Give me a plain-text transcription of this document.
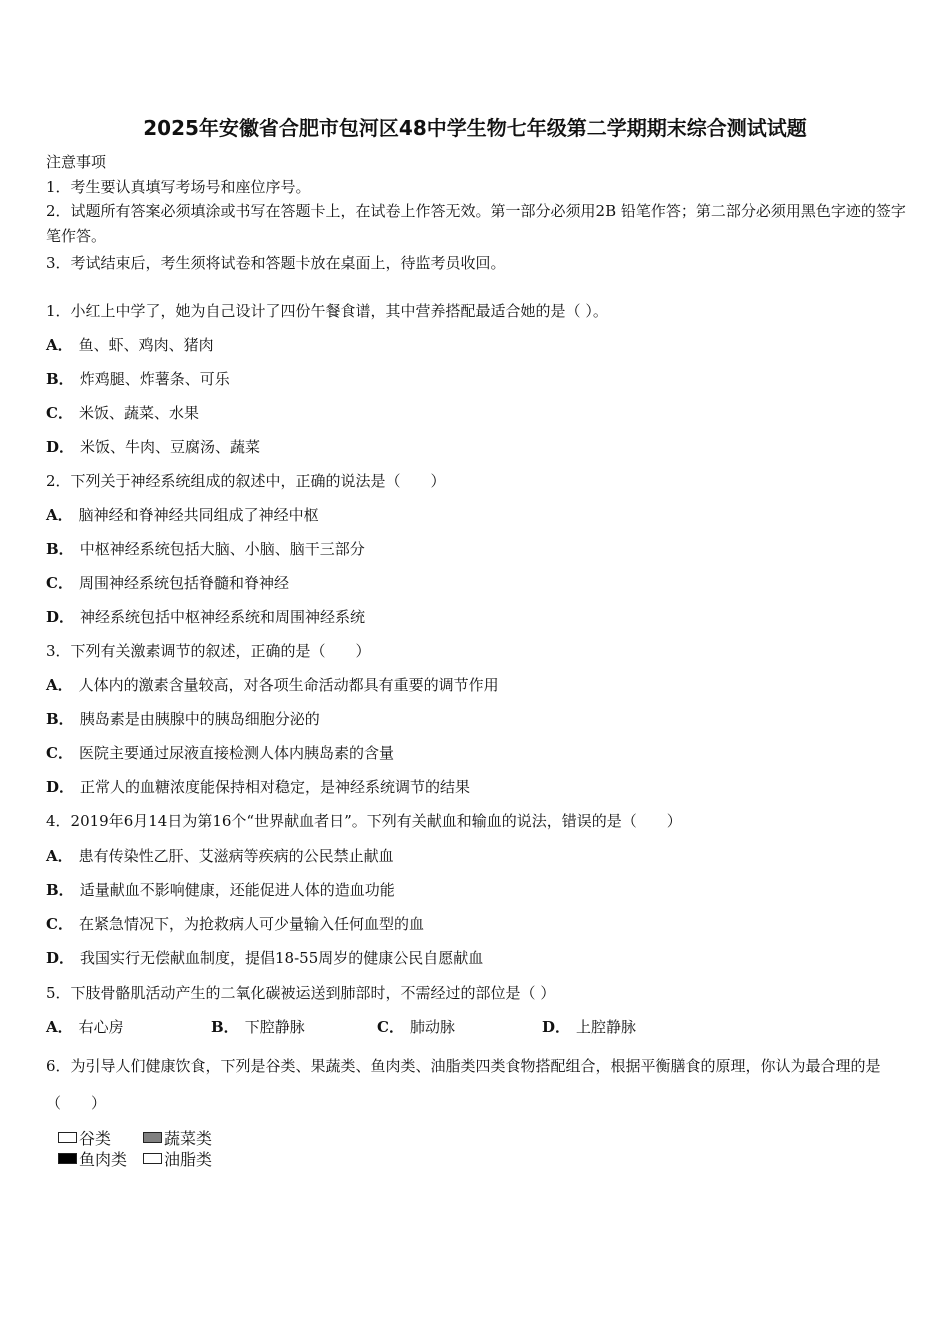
2025年安徽省合肥市包河区48中学生物七年级第二学期期末综合测试试题
注意事项
1．考生要认真填写考场号和座位序号。
2．试题所有答案必须填涂或书写在答题卡上，在试卷上作答无效。第一部分必须用2B 铅笔作答；第二部分必须用黑色字迹的签字笔作答。
3．考试结束后，考生须将试卷和答题卡放在桌面上，待监考员收回。
1．小红上中学了，她为自己设计了四份午餐食谱，其中营养搭配最适合她的是（ ）。
A． 鱼、虾、鸡肉、猪肉
B． 炸鸡腿、炸薯条、可乐
C． 米饭、蔬菜、水果
D． 米饭、牛肉、豆腐汤、蔬菜
2．下列关于神经系统组成的叙述中，正确的说法是（　　）
A． 脑神经和脊神经共同组成了神经中枢
B． 中枢神经系统包括大脑、小脑、脑干三部分
C． 周围神经系统包括脊髓和脊神经
D． 神经系统包括中枢神经系统和周围神经系统
3．下列有关激素调节的叙述，正确的是（　　）
A． 人体内的激素含量较高，对各项生命活动都具有重要的调节作用
B． 胰岛素是由胰腺中的胰岛细胞分泌的
C． 医院主要通过尿液直接检测人体内胰岛素的含量
D． 正常人的血糖浓度能保持相对稳定，是神经系统调节的结果
4．2019年6月14日为第16个“世界献血者日”。下列有关献血和输血的说法，错误的是（　　）
A． 患有传染性乙肝、艾滋病等疾病的公民禁止献血
B． 适量献血不影响健康，还能促进人体的造血功能
C． 在紧急情况下，为抢救病人可少量输入任何血型的血
D． 我国实行无偿献血制度，提倡18-55周岁的健康公民自愿献血
5．下肢骨骼肌活动产生的二氧化碳被运送到肺部时，不需经过的部位是（ ）
A． 右心房	B． 下腔静脉	C． 肺动脉	D． 上腔静脉
6．为引导人们健康饮食，下列是谷类、果蔬类、鱼肉类、油脂类四类食物搭配组合，根据平衡膳食的原理，你认为最合理的是（　　）
谷类	蔬菜类
鱼肉类 油脂类
